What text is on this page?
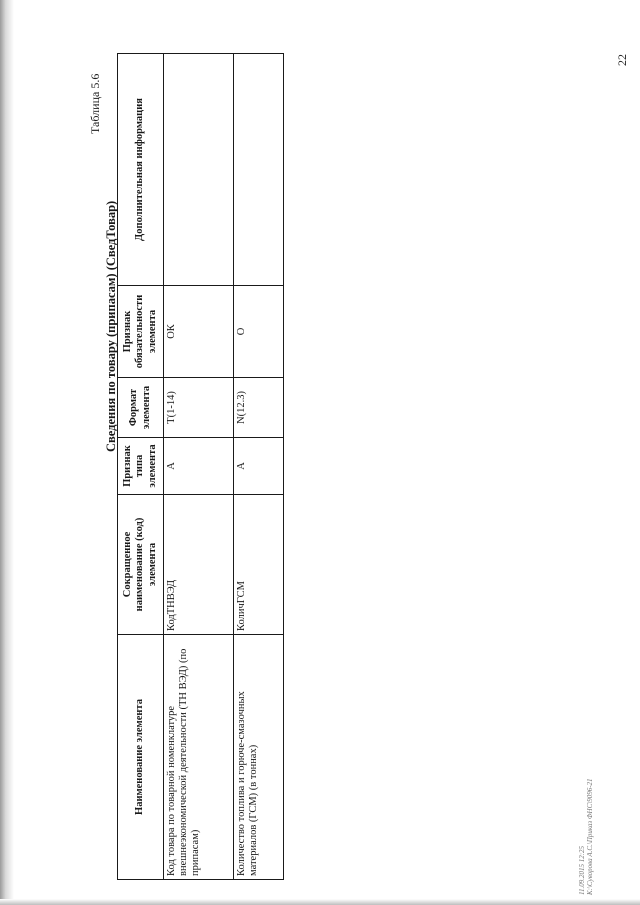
22
Таблица 5.6
Сведения по товару (припасам) (СведТовар)
Наименование элемента	Сокращенное наименование (код) элемента	Признак типа элемента	Формат элемента	Признак обязательности элемента	Дополнительная информация
Код товара по товарной номенклатуре внешнеэкономической деятельности (ТН ВЭД) (по припасам)	КодТНВЭД	А	T(1-14)	ОК	
Количество топлива и горюче-смазочных материалов (ГСМ) (в тоннах)	КоличГСМ	А	N(12.3)	О	
11.09.2015 12:25 К:\Суворова А.С.\Приказ ФНС\9096-21
